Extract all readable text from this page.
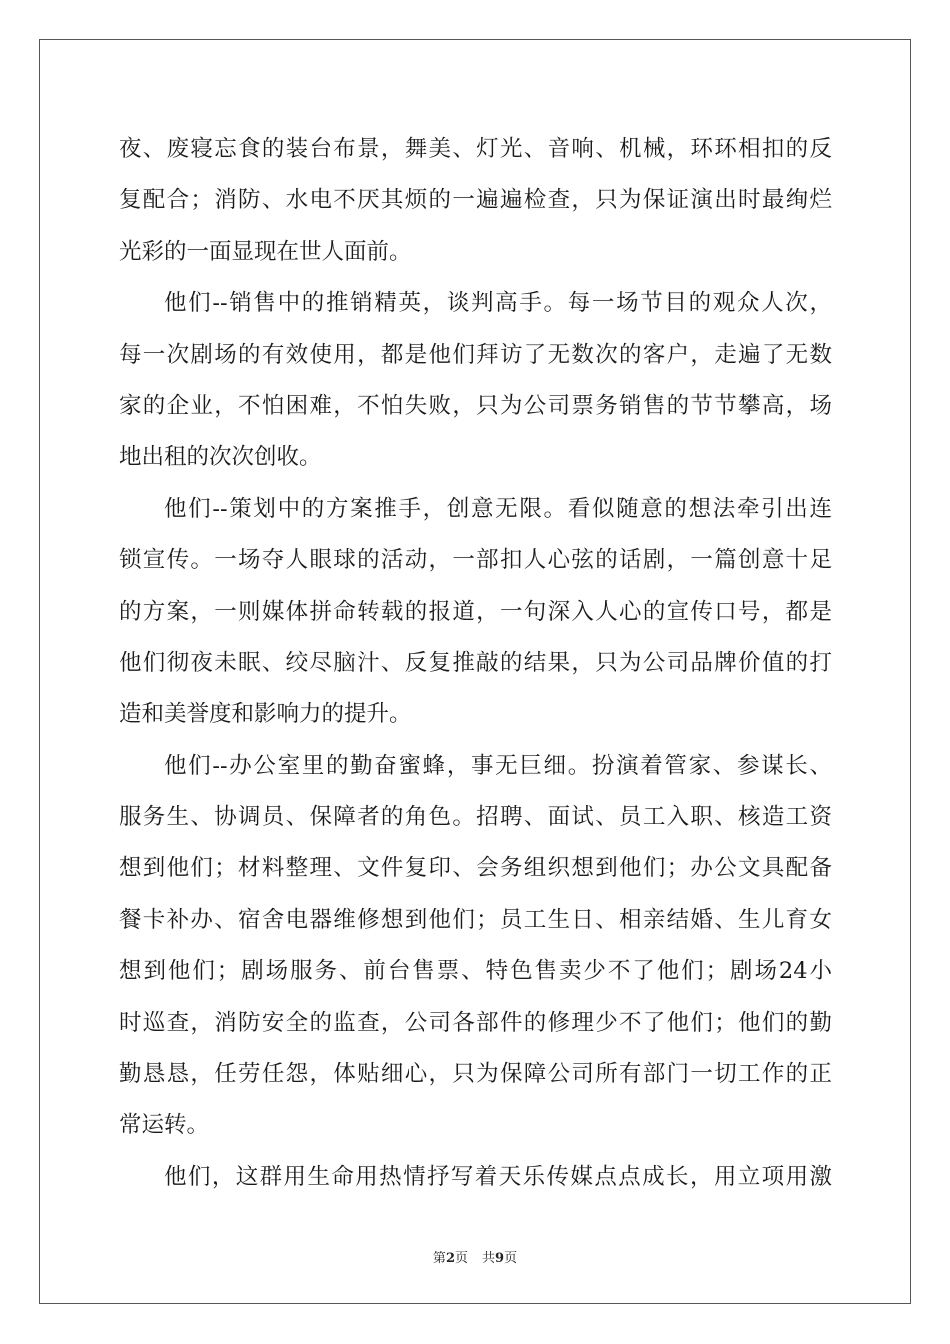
夜、废寝忘食的装台布景，舞美、灯光、音响、机械，环环相扣的反
复配合；消防、水电不厌其烦的一遍遍检查，只为保证演出时最绚烂
光彩的一面显现在世人面前。
他们--销售中的推销精英，谈判高手。每一场节目的观众人次，
每一次剧场的有效使用，都是他们拜访了无数次的客户，走遍了无数
家的企业，不怕困难，不怕失败，只为公司票务销售的节节攀高，场
地出租的次次创收。
他们--策划中的方案推手，创意无限。看似随意的想法牵引出连
锁宣传。一场夺人眼球的活动，一部扣人心弦的话剧，一篇创意十足
的方案，一则媒体拼命转载的报道，一句深入人心的宣传口号，都是
他们彻夜未眠、绞尽脑汁、反复推敲的结果，只为公司品牌价值的打
造和美誉度和影响力的提升。
他们--办公室里的勤奋蜜蜂，事无巨细。扮演着管家、参谋长、
服务生、协调员、保障者的角色。招聘、面试、员工入职、核造工资
想到他们；材料整理、文件复印、会务组织想到他们；办公文具配备
餐卡补办、宿舍电器维修想到他们；员工生日、相亲结婚、生儿育女
想到他们；剧场服务、前台售票、特色售卖少不了他们；剧场24小
时巡查，消防安全的监查，公司各部件的修理少不了他们；他们的勤
勤恳恳，任劳任怨，体贴细心，只为保障公司所有部门一切工作的正
常运转。
他们，这群用生命用热情抒写着天乐传媒点点成长，用立项用激
第2页 共9页
